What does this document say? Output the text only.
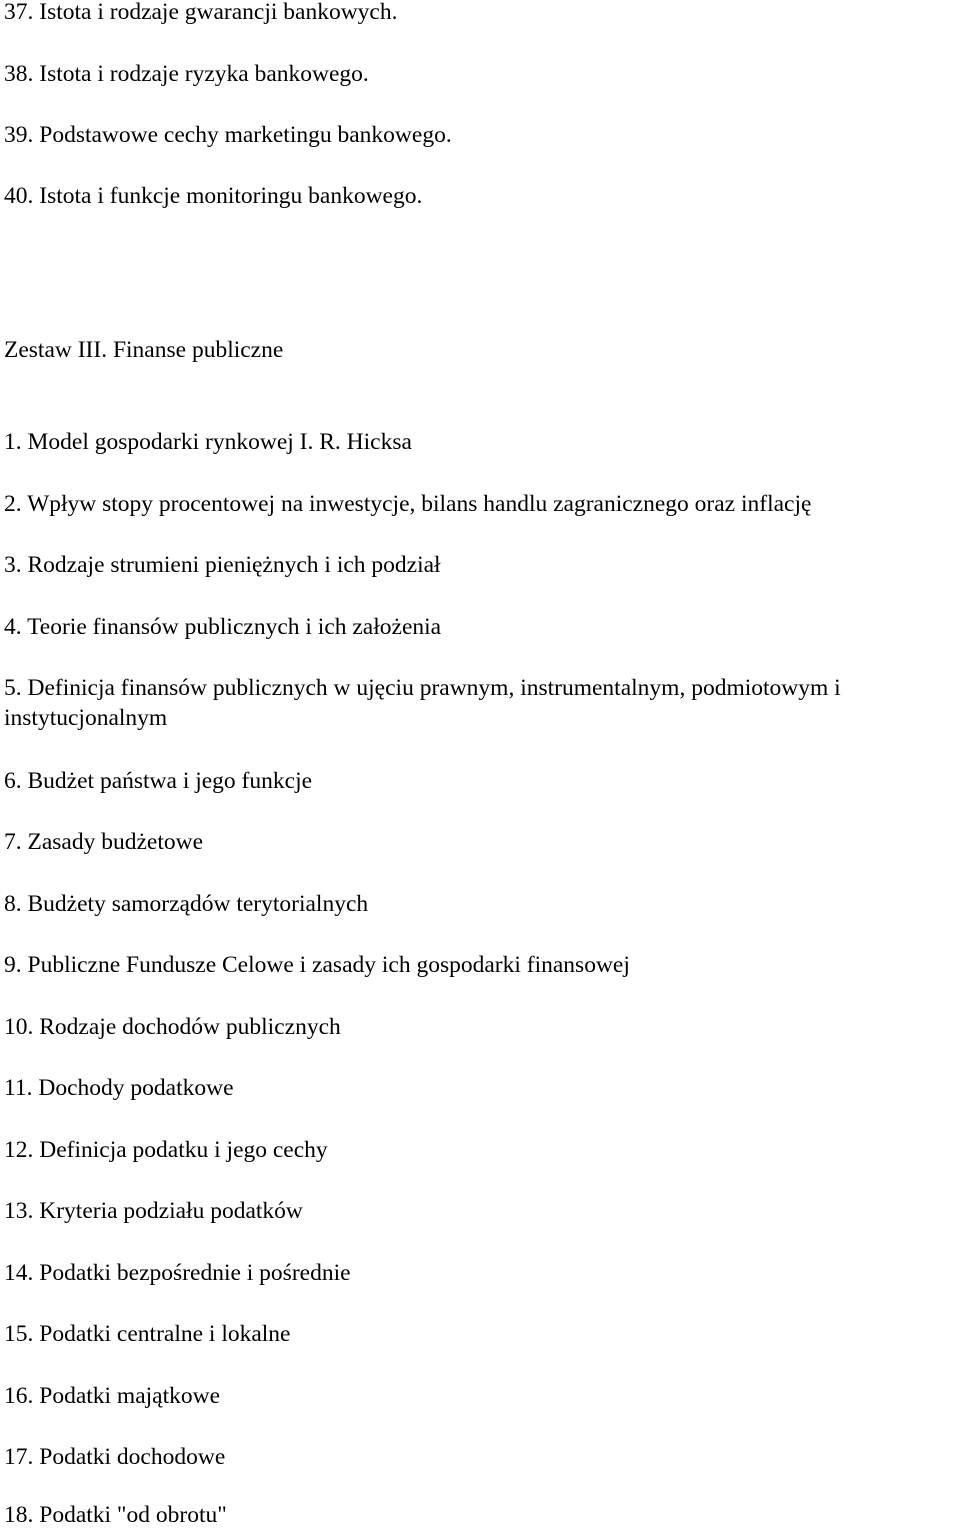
37. Istota i rodzaje gwarancji bankowych.
38. Istota i rodzaje ryzyka bankowego.
39. Podstawowe cechy marketingu bankowego.
40. Istota i funkcje monitoringu bankowego.
Zestaw III. Finanse publiczne
1. Model gospodarki rynkowej I. R. Hicksa
2. Wpływ stopy procentowej na inwestycje, bilans handlu zagranicznego oraz inflację
3. Rodzaje strumieni pieniężnych i ich podział
4. Teorie finansów publicznych i ich założenia
5. Definicja finansów publicznych w ujęciu prawnym, instrumentalnym, podmiotowym i instytucjonalnym
6. Budżet państwa i jego funkcje
7. Zasady budżetowe
8. Budżety samorządów terytorialnych
9. Publiczne Fundusze Celowe i zasady ich gospodarki finansowej
10. Rodzaje dochodów publicznych
11. Dochody podatkowe
12. Definicja podatku i jego cechy
13. Kryteria podziału podatków
14. Podatki bezpośrednie i pośrednie
15. Podatki centralne i lokalne
16. Podatki majątkowe
17. Podatki dochodowe
18. Podatki "od obrotu"
